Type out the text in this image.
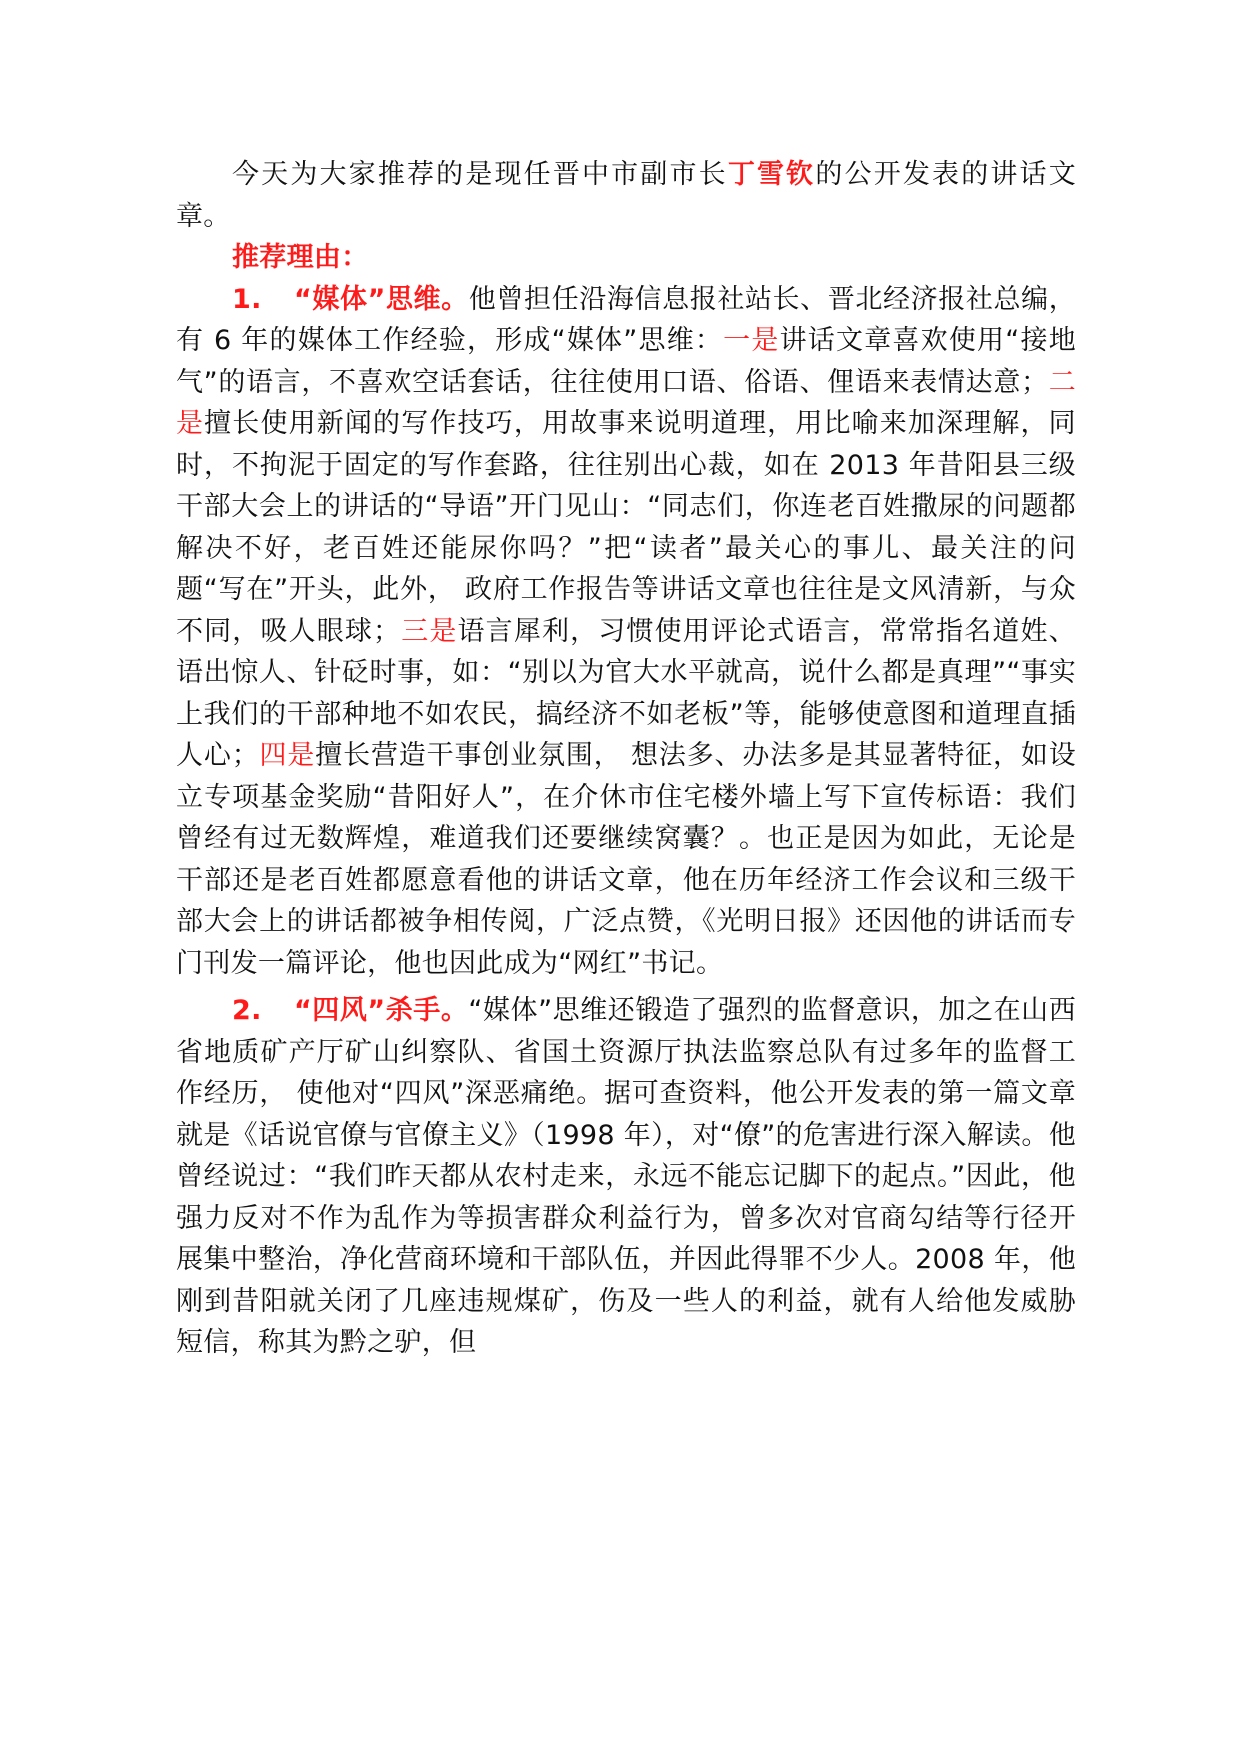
今天为大家推荐的是现任晋中市副市长丁雪钦的公开发表的讲话文章。

推荐理由：

1. “媒体”思维。他曾担任沿海信息报社站长、晋北经济报社总编，有 6 年的媒体工作经验，形成“媒体”思维：一是讲话文章喜欢使用“接地气”的语言，不喜欢空话套话，往往使用口语、俗语、俚语来表情达意；二是擅长使用新闻的写作技巧，用故事来说明道理，用比喻来加深理解，同时，不拘泥于固定的写作套路，往往别出心裁，如在 2013 年昔阳县三级干部大会上的讲话的“导语”开门见山：“同志们，你连老百姓撒尿的问题都解决不好，老百姓还能尿你吗？”把“读者”最关心的事儿、最关注的问题“写在”开头，此外， 政府工作报告等讲话文章也往往是文风清新，与众不同，吸人眼球；三是语言犀利，习惯使用评论式语言，常常指名道姓、语出惊人、针砭时事，如：“别以为官大水平就高，说什么都是真理”“事实上我们的干部种地不如农民，搞经济不如老板”等，能够使意图和道理直插人心；四是擅长营造干事创业氛围， 想法多、办法多是其显著特征，如设立专项基金奖励“昔阳好人”，在介休市住宅楼外墙上写下宣传标语：我们曾经有过无数辉煌，难道我们还要继续窝囊？。也正是因为如此，无论是干部还是老百姓都愿意看他的讲话文章，他在历年经济工作会议和三级干部大会上的讲话都被争相传阅，广泛点赞，《光明日报》还因他的讲话而专门刊发一篇评论，他也因此成为“网红”书记。

2. “四风”杀手。“媒体”思维还锻造了强烈的监督意识，加之在山西省地质矿产厅矿山纠察队、省国土资源厅执法监察总队有过多年的监督工作经历， 使他对“四风”深恶痛绝。据可查资料，他公开发表的第一篇文章就是《话说官僚与官僚主义》（1998 年），对“僚”的危害进行深入解读。他曾经说过：“我们昨天都从农村走来，永远不能忘记脚下的起点。”因此，他强力反对不作为乱作为等损害群众利益行为，曾多次对官商勾结等行径开展集中整治，净化营商环境和干部队伍，并因此得罪不少人。2008 年，他刚到昔阳就关闭了几座违规煤矿，伤及一些人的利益，就有人给他发威胁短信，称其为黔之驴，但
